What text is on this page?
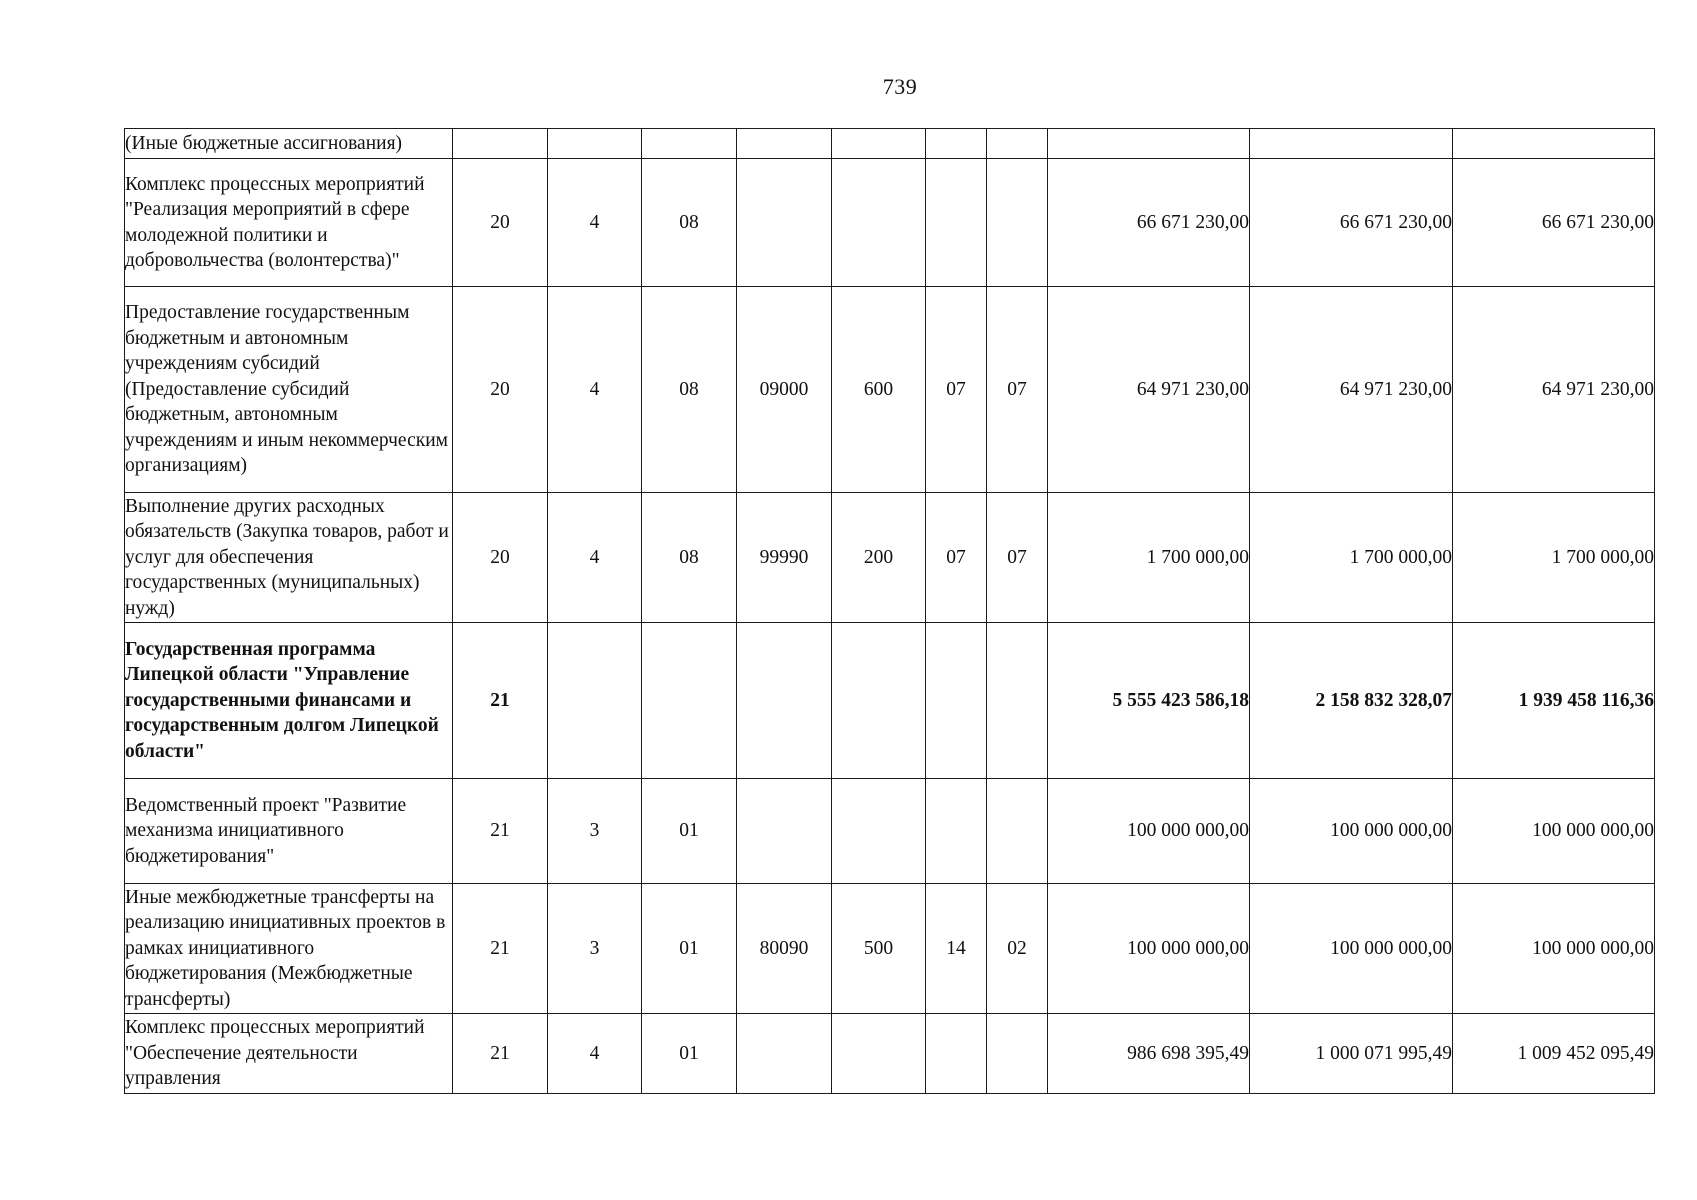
739
(Иные бюджетные ассигнования)										
Комплекс процессных мероприятий "Реализация мероприятий в сфере молодежной политики и добровольчества (волонтерства)"	20	4	08					66 671 230,00	66 671 230,00	66 671 230,00
Предоставление государственным бюджетным и автономным учреждениям субсидий (Предоставление субсидий бюджетным, автономным учреждениям и иным некоммерческим организациям)	20	4	08	09000	600	07	07	64 971 230,00	64 971 230,00	64 971 230,00
Выполнение других расходных обязательств (Закупка товаров, работ и услуг для обеспечения государственных (муниципальных) нужд)	20	4	08	99990	200	07	07	1 700 000,00	1 700 000,00	1 700 000,00
Государственная программа Липецкой области "Управление государственными финансами и государственным долгом Липецкой области"	21							5 555 423 586,18	2 158 832 328,07	1 939 458 116,36
Ведомственный проект "Развитие механизма инициативного бюджетирования"	21	3	01					100 000 000,00	100 000 000,00	100 000 000,00
Иные межбюджетные трансферты на реализацию инициативных проектов в рамках инициативного бюджетирования (Межбюджетные трансферты)	21	3	01	80090	500	14	02	100 000 000,00	100 000 000,00	100 000 000,00
Комплекс процессных мероприятий "Обеспечение деятельности управления	21	4	01					986 698 395,49	1 000 071 995,49	1 009 452 095,49
